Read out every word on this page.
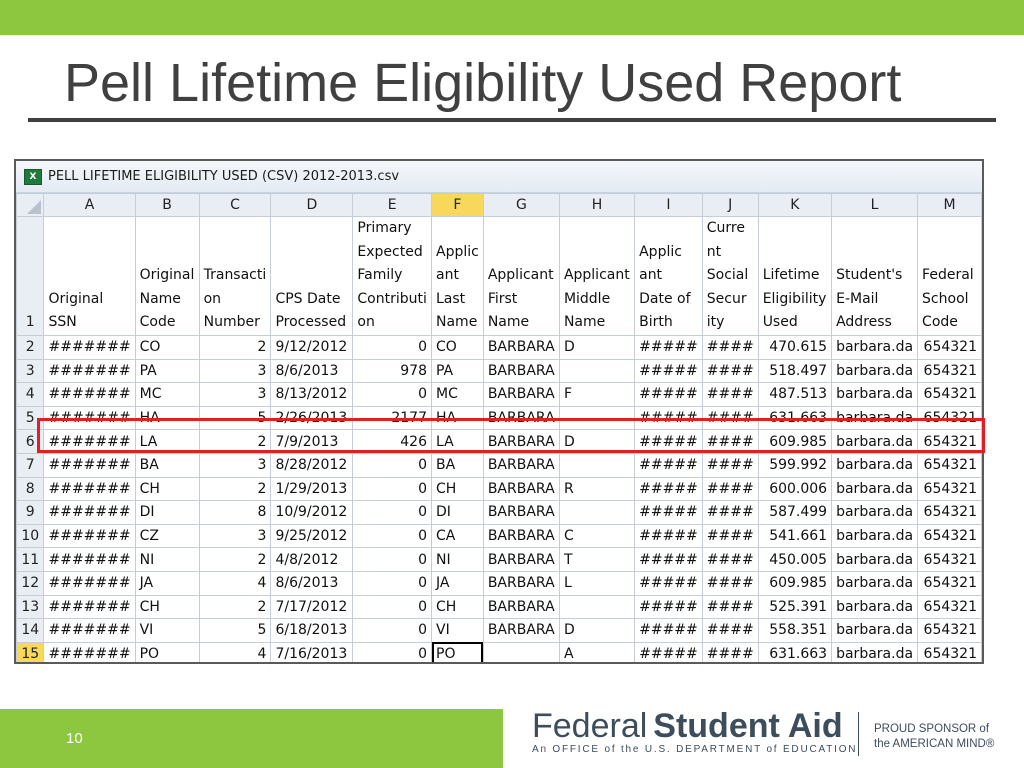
Pell Lifetime Eligibility Used Report
X PELL LIFETIME ELIGIBILITY USED (CSV) 2012-2013.csv
	A	B	C	D	E	F	G	H	I	J	K	L	M
1	Original SSN	Original Name Code	Transacti on Number	CPS Date Processed	Primary Expected Family Contributi on	Applic ant Last Name	Applicant First Name	Applicant Middle Name	Applic ant Date of Birth	Curre nt Social Secur ity	Lifetime Eligibility Used	Student's E-Mail Address	Federal School Code
2	#######	CO	2	9/12/2012	0	CO	BARBARA	D	#####	####	470.615	barbara.da	654321
3	#######	PA	3	8/6/2013	978	PA	BARBARA		#####	####	518.497	barbara.da	654321
4	#######	MC	3	8/13/2012	0	MC	BARBARA	F	#####	####	487.513	barbara.da	654321
5	#######	HA	5	2/26/2013	2177	HA	BARBARA		#####	####	631.663	barbara.da	654321
6	#######	LA	2	7/9/2013	426	LA	BARBARA	D	#####	####	609.985	barbara.da	654321
7	#######	BA	3	8/28/2012	0	BA	BARBARA		#####	####	599.992	barbara.da	654321
8	#######	CH	2	1/29/2013	0	CH	BARBARA	R	#####	####	600.006	barbara.da	654321
9	#######	DI	8	10/9/2012	0	DI	BARBARA		#####	####	587.499	barbara.da	654321
10	#######	CZ	3	9/25/2012	0	CA	BARBARA	C	#####	####	541.661	barbara.da	654321
11	#######	NI	2	4/8/2012	0	NI	BARBARA	T	#####	####	450.005	barbara.da	654321
12	#######	JA	4	8/6/2013	0	JA	BARBARA	L	#####	####	609.985	barbara.da	654321
13	#######	CH	2	7/17/2012	0	CH	BARBARA		#####	####	525.391	barbara.da	654321
14	#######	VI	5	6/18/2013	0	VI	BARBARA	D	#####	####	558.351	barbara.da	654321
15	#######	PO	4	7/16/2013	0	PO		A	#####	####	631.663	barbara.da	654321
10	Federal Student Aid
An OFFICE of the U.S. DEPARTMENT of EDUCATION
PROUD SPONSOR of
the AMERICAN MIND®
